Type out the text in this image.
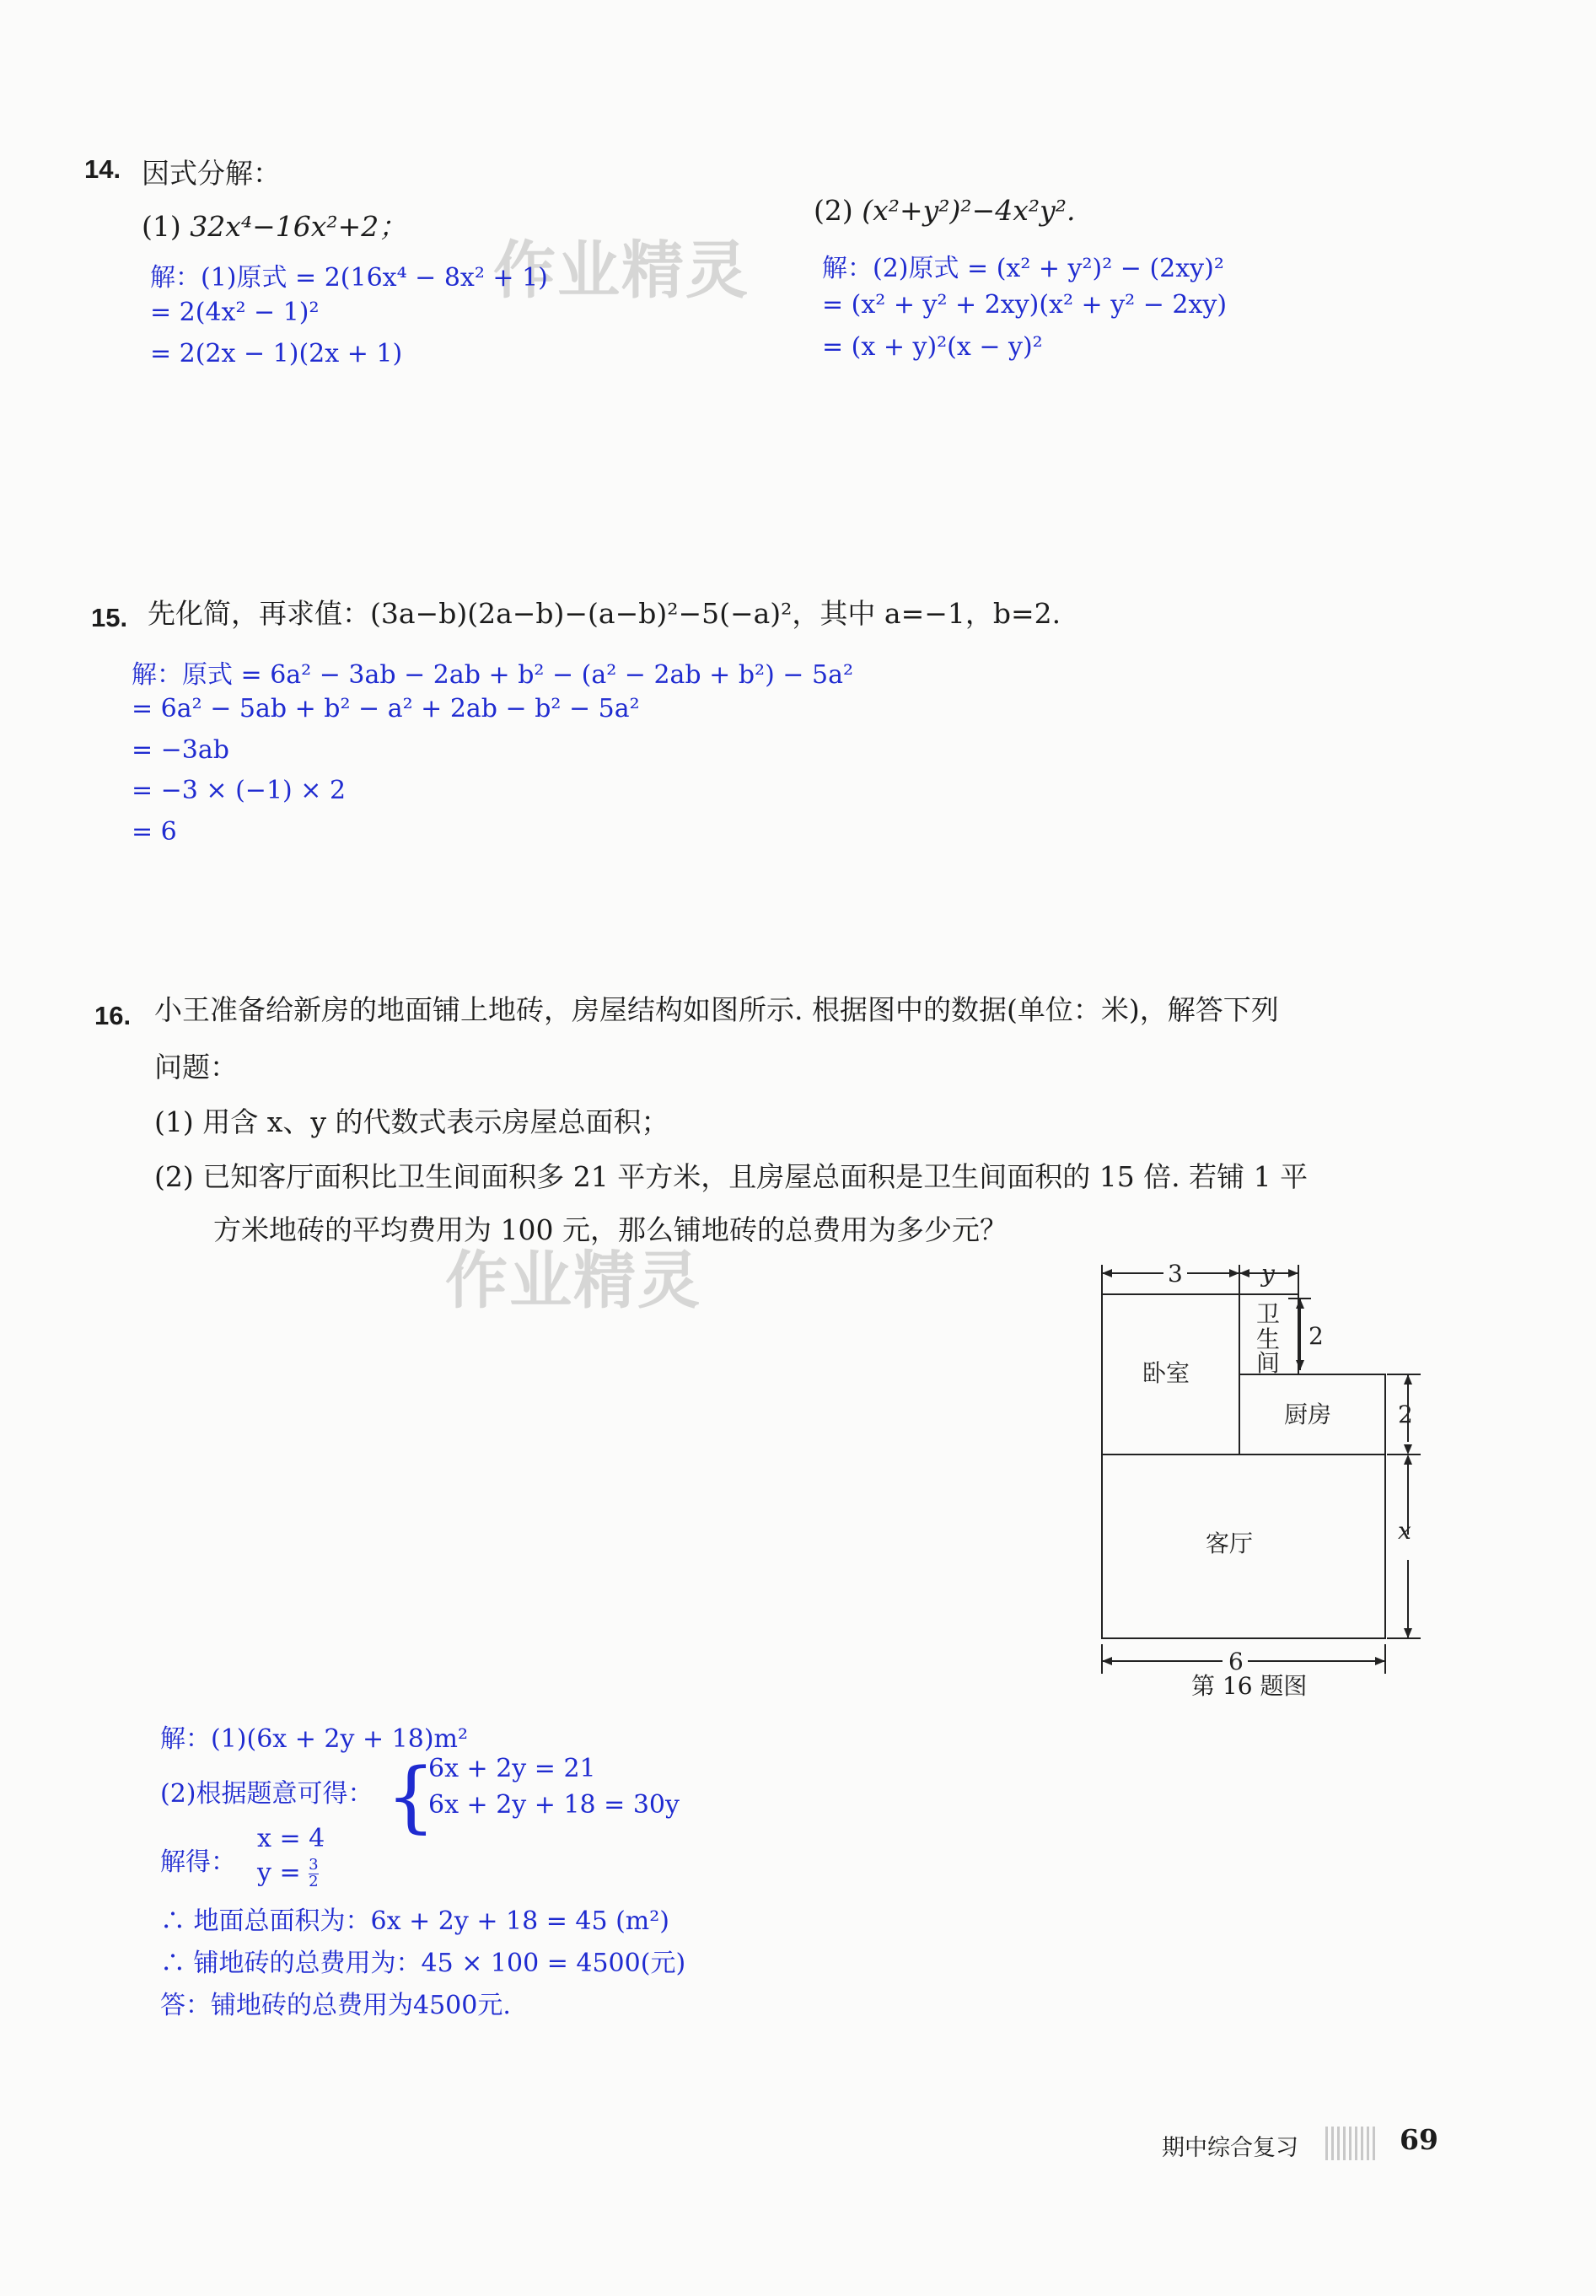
作业精灵
作业精灵
14. 因式分解：
(1) 32x⁴−16x²+2；	(2) (x²+y²)²−4x²y².
解：(1)原式 = 2(16x⁴ − 8x² + 1)
= 2(4x² − 1)²
= 2(2x − 1)(2x + 1)
解：(2)原式 = (x² + y²)² − (2xy)²
= (x² + y² + 2xy)(x² + y² − 2xy)
= (x + y)²(x − y)²
15. 先化简，再求值：(3a−b)(2a−b)−(a−b)²−5(−a)²，其中 a=−1，b=2.
解：原式 = 6a² − 3ab − 2ab + b² − (a² − 2ab + b²) − 5a²
= 6a² − 5ab + b² − a² + 2ab − b² − 5a²
= −3ab
= −3 × (−1) × 2
= 6
16. 小王准备给新房的地面铺上地砖，房屋结构如图所示. 根据图中的数据(单位：米)，解答下列
问题：
(1) 用含 x、y 的代数式表示房屋总面积；
(2) 已知客厅面积比卫生间面积多 21 平方米，且房屋总面积是卫生间面积的 15 倍. 若铺 1 平
方米地砖的平均费用为 100 元，那么铺地砖的总费用为多少元？
3	y
2
2
x
6
卧室
卫
生
间
厨房
客厅
第 16 题图
解：(1)(6x + 2y + 18)m²
(2)根据题意可得： {
6x + 2y = 21
6x + 2y + 18 = 30y
解得：
x = 4
$y = \frac{3}{2}$
∴ 地面总面积为：6x + 2y + 18 = 45 (m²)
∴ 铺地砖的总费用为：45 × 100 = 4500(元)
答：铺地砖的总费用为4500元.
期中综合复习	69
